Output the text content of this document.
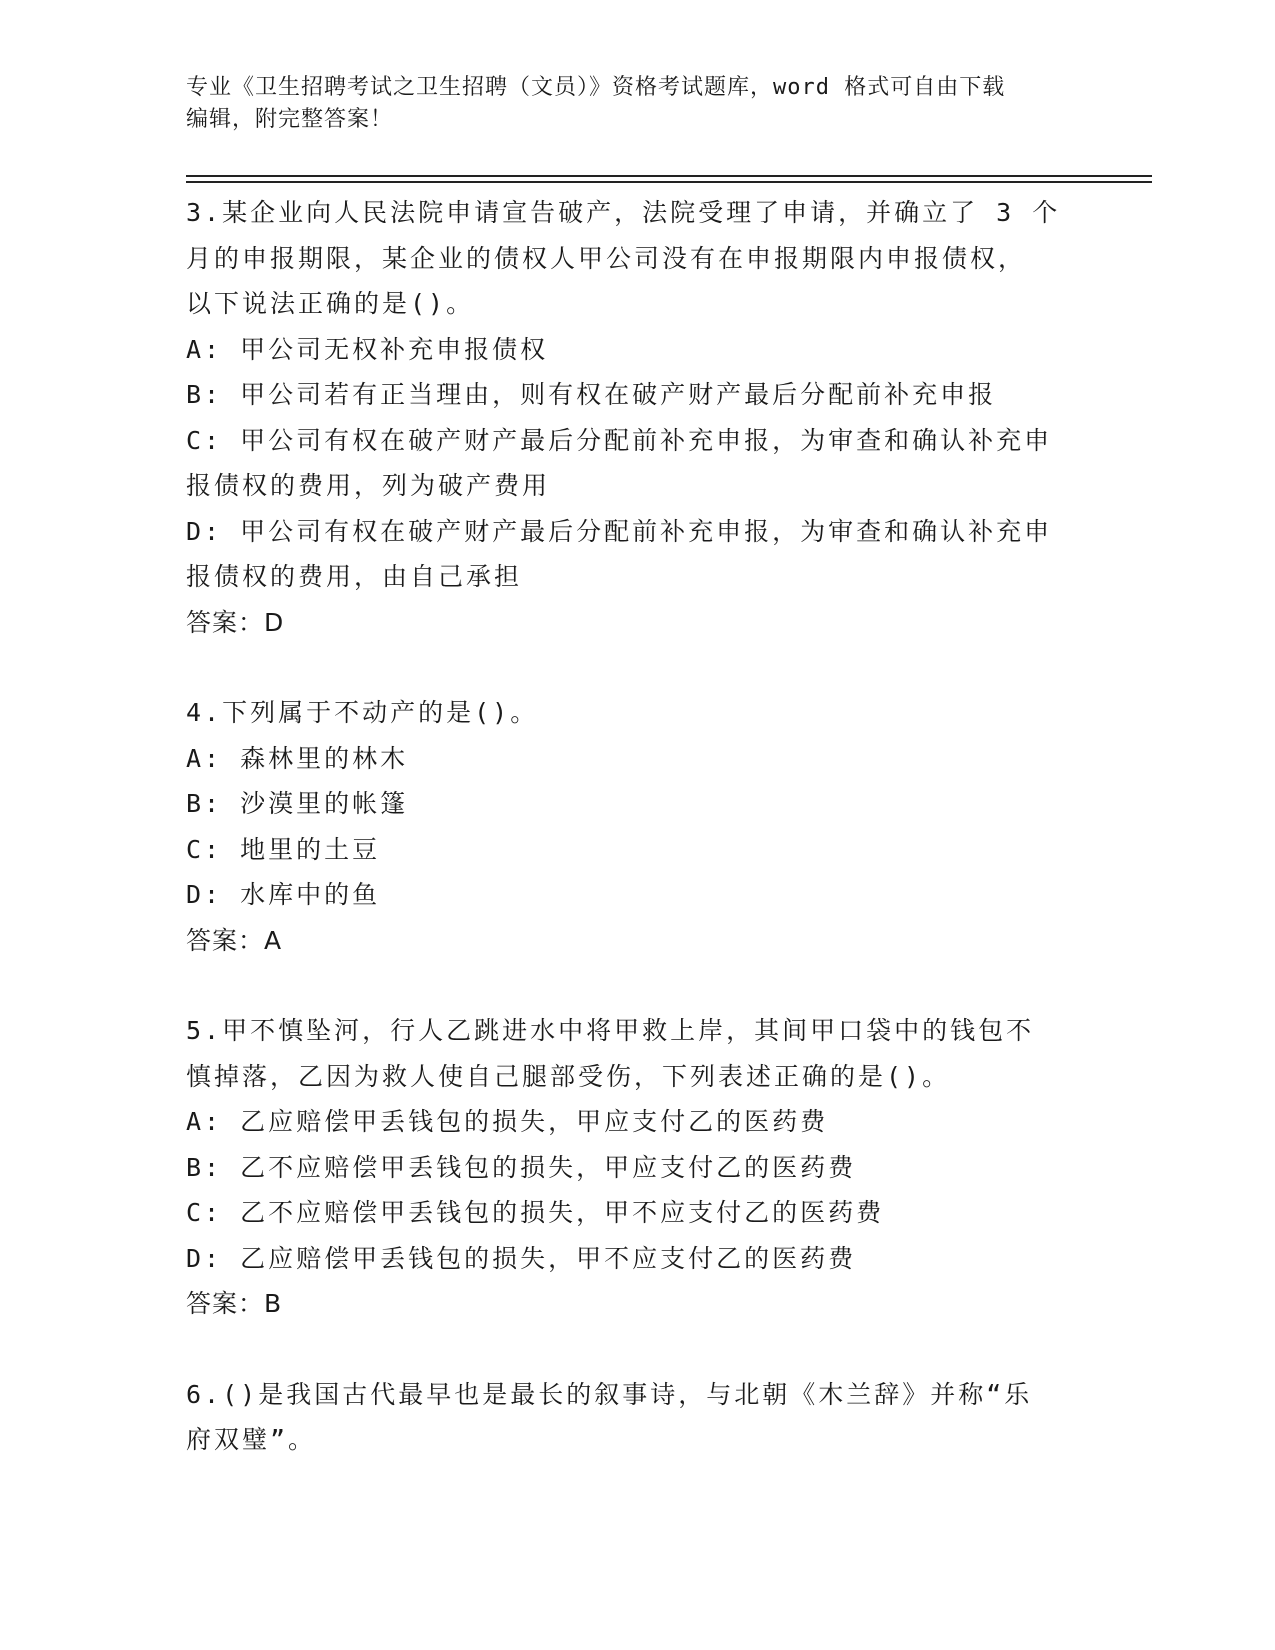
专业《卫生招聘考试之卫生招聘（文员）》资格考试题库，word 格式可自由下载
编辑，附完整答案！
3.某企业向人民法院申请宣告破产，法院受理了申请，并确立了 3 个
月的申报期限，某企业的债权人甲公司没有在申报期限内申报债权，
以下说法正确的是()。
A: 甲公司无权补充申报债权
B: 甲公司若有正当理由，则有权在破产财产最后分配前补充申报
C: 甲公司有权在破产财产最后分配前补充申报，为审查和确认补充申
报债权的费用，列为破产费用
D: 甲公司有权在破产财产最后分配前补充申报，为审查和确认补充申
报债权的费用，由自己承担
答案：D
4.下列属于不动产的是()。
A: 森林里的林木
B: 沙漠里的帐篷
C: 地里的土豆
D: 水库中的鱼
答案：A
5.甲不慎坠河，行人乙跳进水中将甲救上岸，其间甲口袋中的钱包不
慎掉落，乙因为救人使自己腿部受伤，下列表述正确的是()。
A: 乙应赔偿甲丢钱包的损失，甲应支付乙的医药费
B: 乙不应赔偿甲丢钱包的损失，甲应支付乙的医药费
C: 乙不应赔偿甲丢钱包的损失，甲不应支付乙的医药费
D: 乙应赔偿甲丢钱包的损失，甲不应支付乙的医药费
答案：B
6.()是我国古代最早也是最长的叙事诗，与北朝《木兰辞》并称“乐
府双璧”。
